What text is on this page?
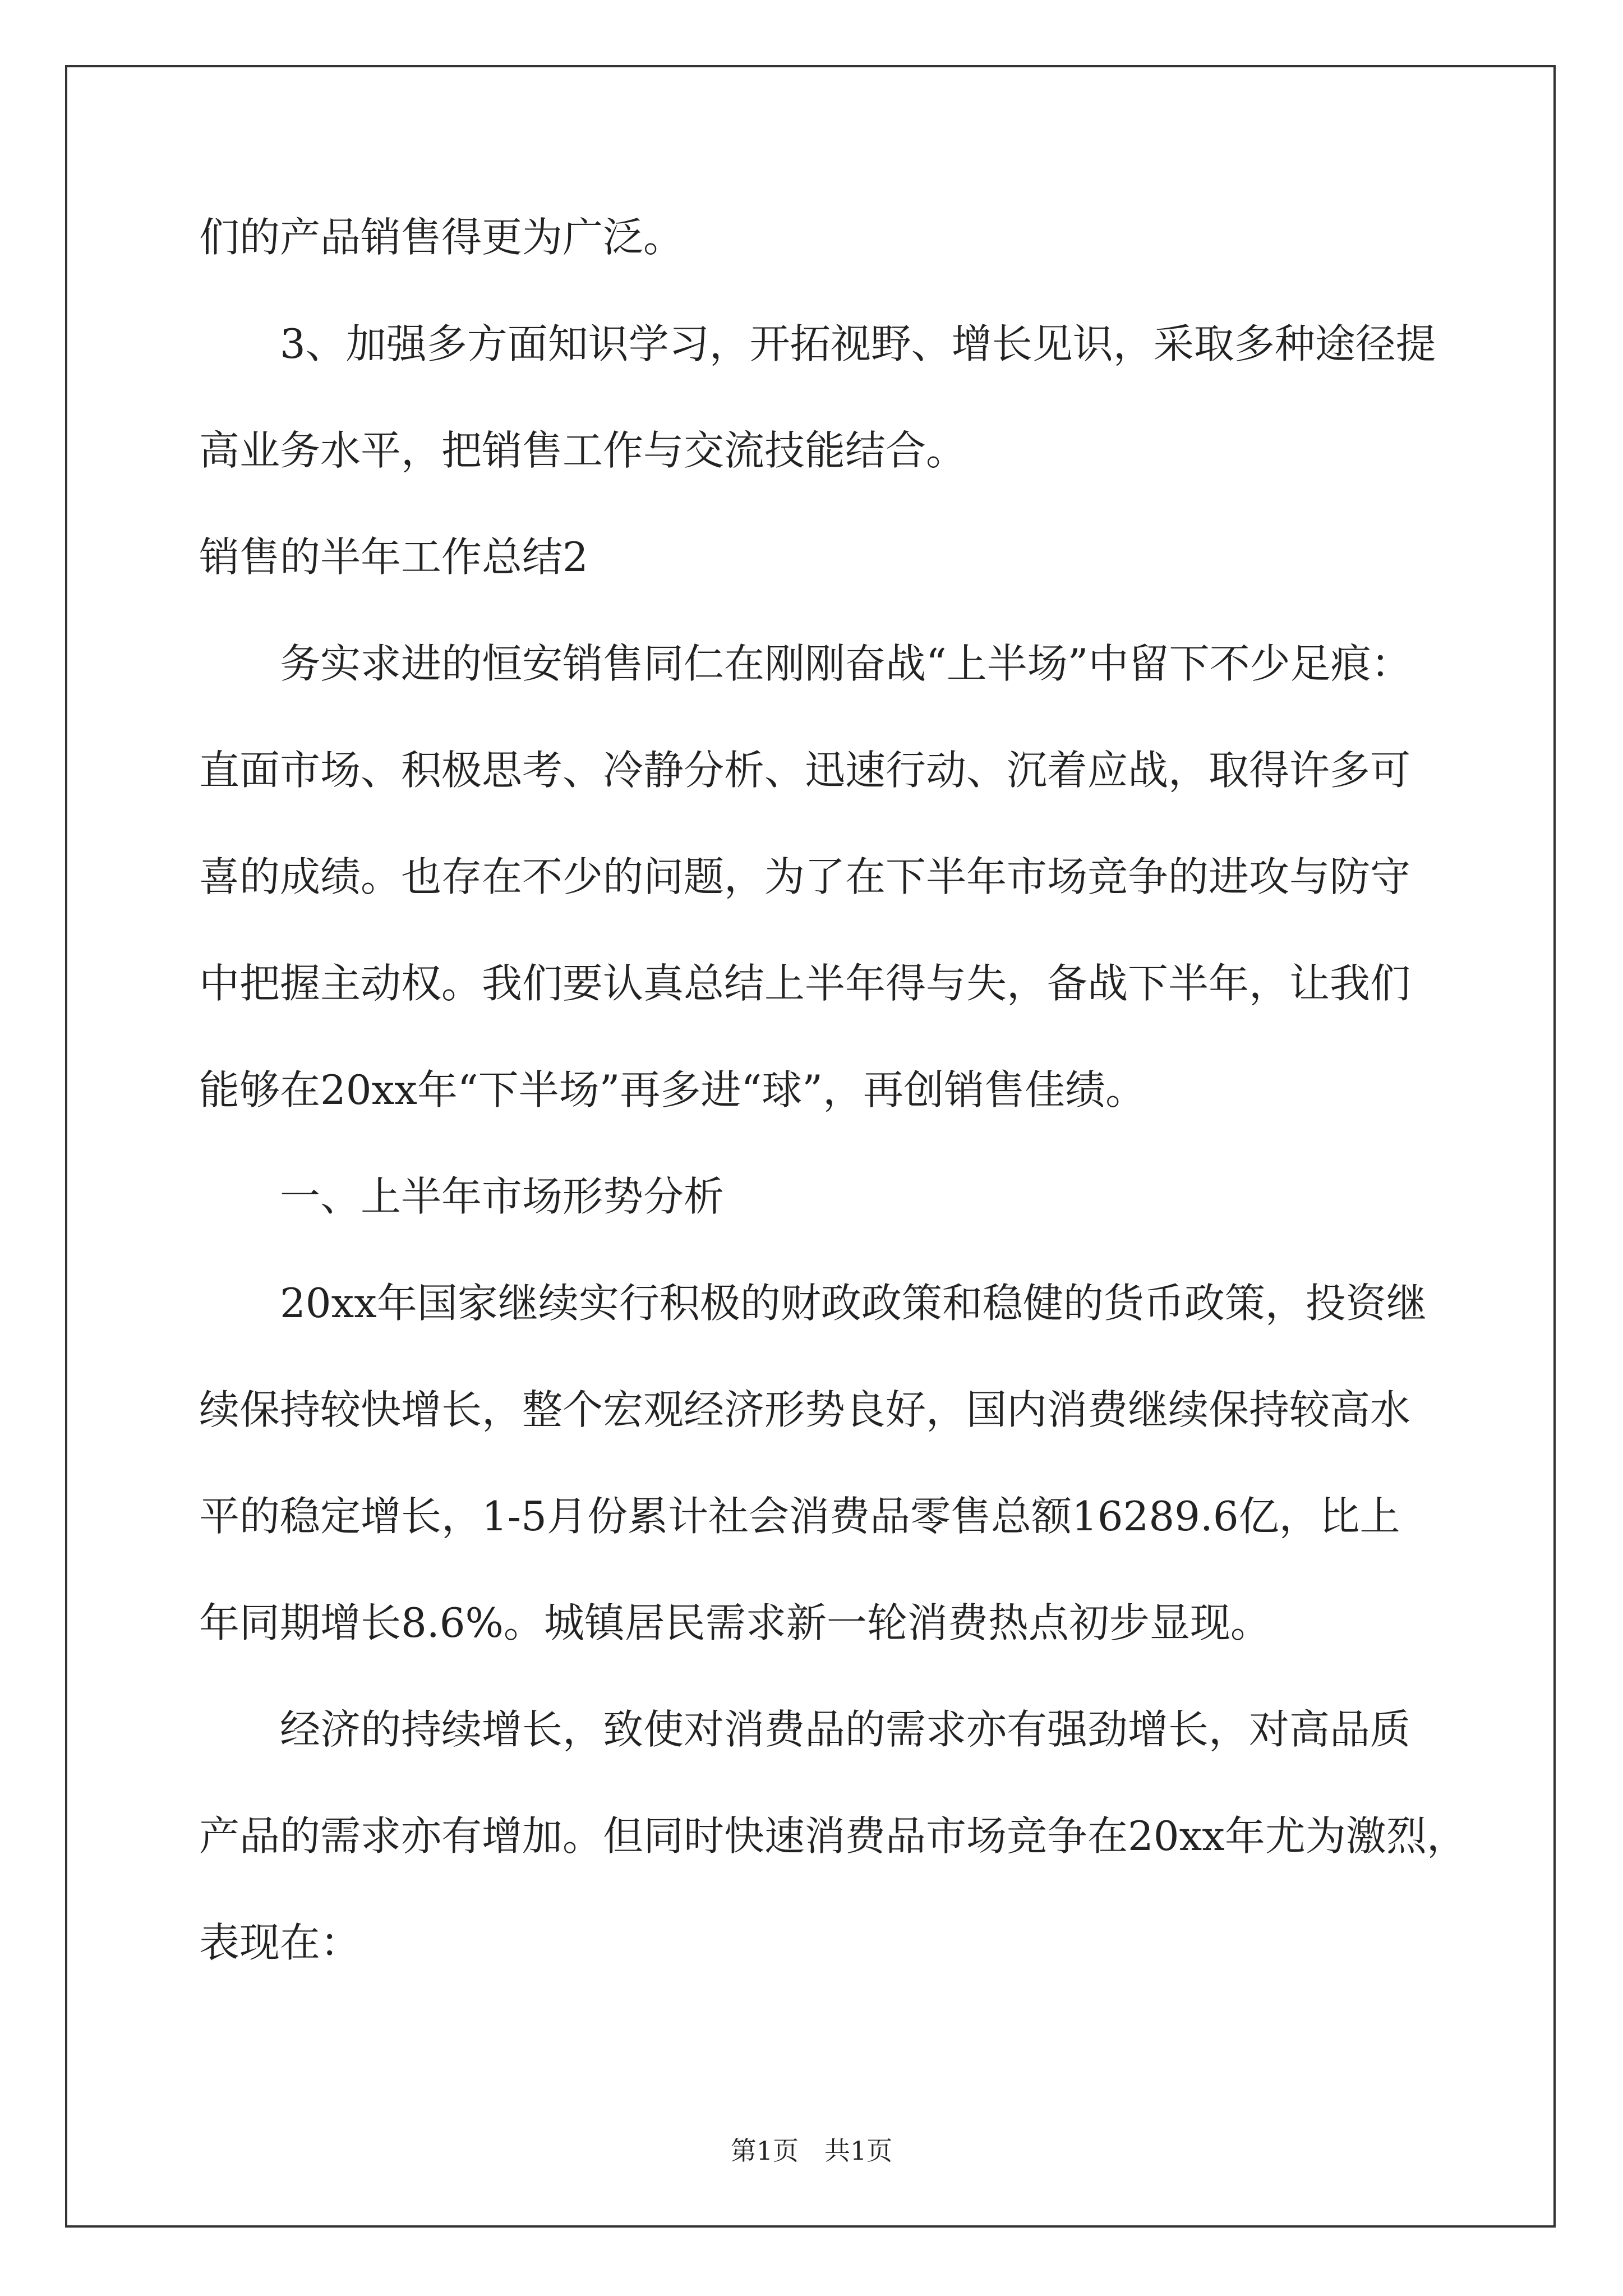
们的产品销售得更为广泛。
3、加强多方面知识学习，开拓视野、增长见识，采取多种途径提
高业务水平，把销售工作与交流技能结合。
销售的半年工作总结2
务实求进的恒安销售同仁在刚刚奋战“上半场”中留下不少足痕：
直面市场、积极思考、冷静分析、迅速行动、沉着应战，取得许多可
喜的成绩。也存在不少的问题，为了在下半年市场竞争的进攻与防守
中把握主动权。我们要认真总结上半年得与失，备战下半年，让我们
能够在20xx年“下半场”再多进“球”，再创销售佳绩。
一、上半年市场形势分析
20xx年国家继续实行积极的财政政策和稳健的货币政策，投资继
续保持较快增长，整个宏观经济形势良好，国内消费继续保持较高水
平的稳定增长，1-5月份累计社会消费品零售总额16289.6亿，比上
年同期增长8.6%。城镇居民需求新一轮消费热点初步显现。
经济的持续增长，致使对消费品的需求亦有强劲增长，对高品质
产品的需求亦有增加。但同时快速消费品市场竞争在20xx年尤为激烈，
表现在：
第1页　共1页
